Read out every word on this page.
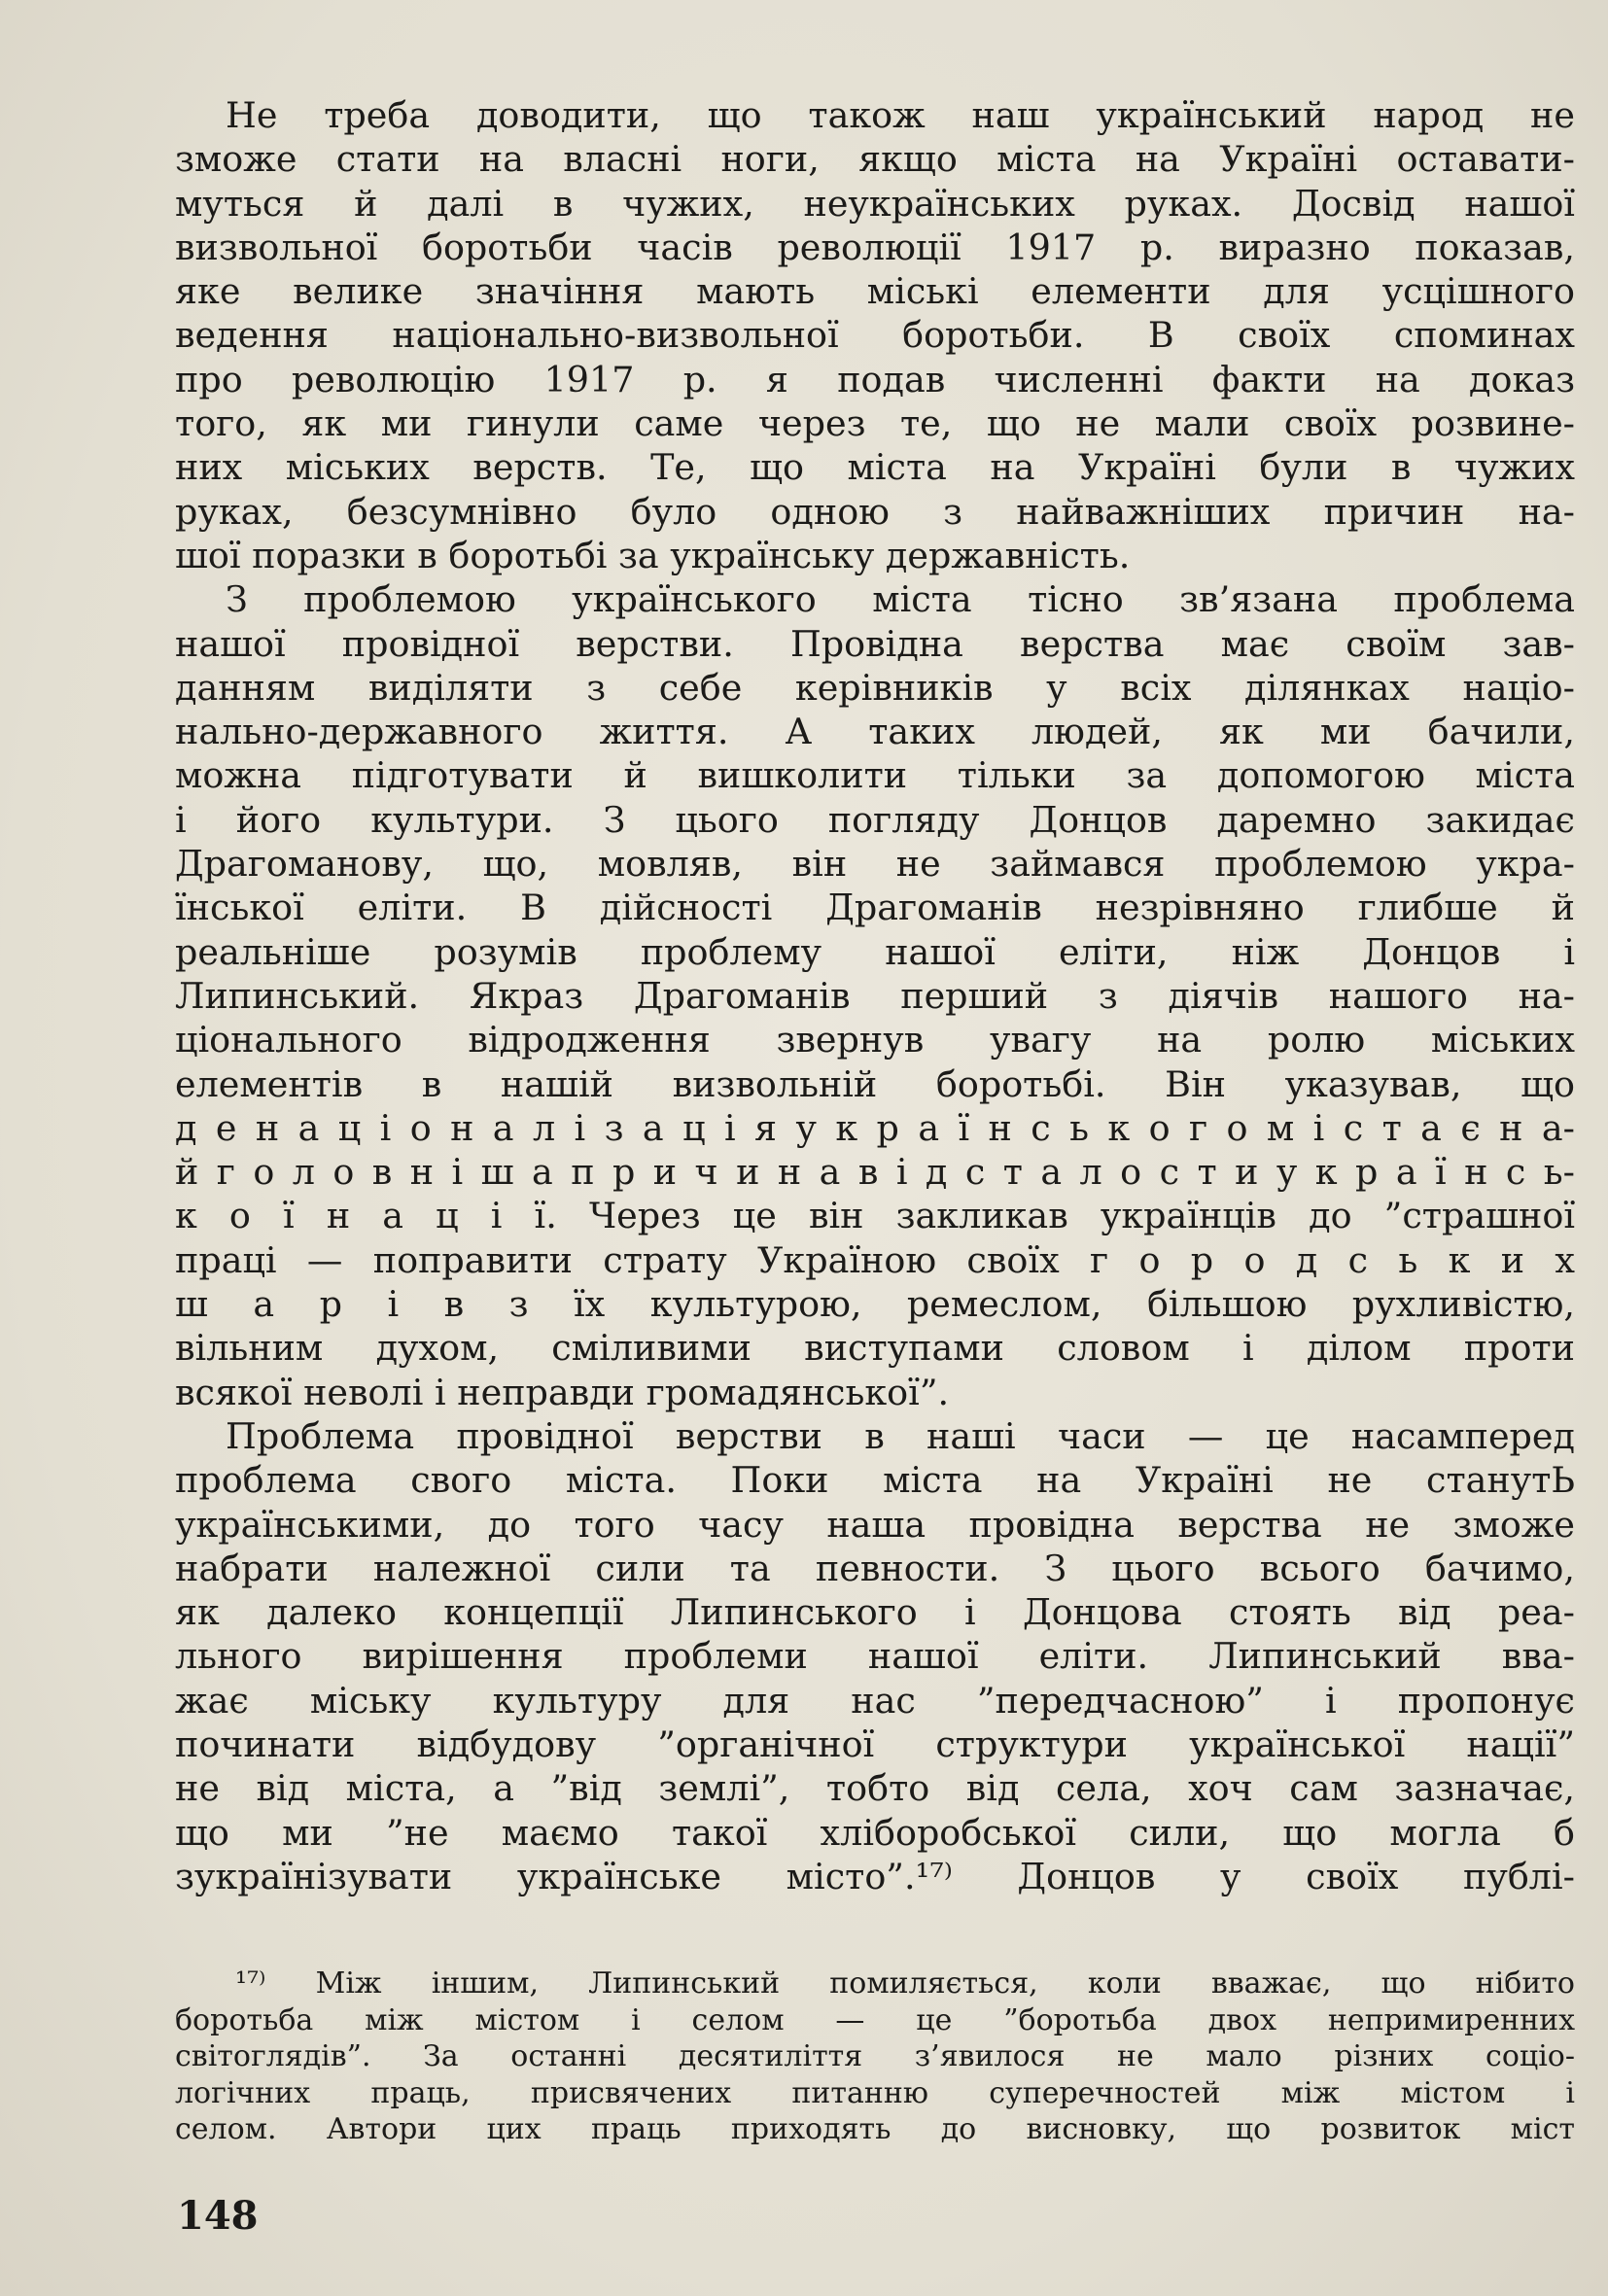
Не треба доводити, що також наш український народ не
зможе стати на власні ноги, якщо міста на Україні оставати-
муться й далі в чужих, неукраїнських руках. Досвід нашої
визвольної боротьби часів революції 1917 р. виразно показав,
яке велике значіння мають міські елементи для усцішного
ведення національно-визвольної боротьби. В своїх споминах
про революцію 1917 р. я подав численні факти на доказ
того, як ми гинули саме через те, що не мали своїх розвине-
них міських верств. Те, що міста на Україні були в чужих
руках, безсумнівно було одною з найважніших причин на-
шої поразки в боротьбі за українську державність.
З проблемою українського міста тісно зв’язана проблема
нашої провідної верстви. Провідна верства має своїм зав-
данням виділяти з себе керівників у всіх ділянках націо-
нально-державного життя. А таких людей, як ми бачили,
можна підготувати й вишколити тільки за допомогою міста
і його культури. З цього погляду Донцов даремно закидає
Драгоманову, що, мовляв, він не займався проблемою укра-
їнської еліти. В дійсності Драгоманів незрівняно глибше й
реальніше розумів проблему нашої еліти, ніж Донцов і
Липинський. Якраз Драгоманів перший з діячів нашого на-
ціонального відродження звернув увагу на ролю міських
елементів в нашій визвольній боротьбі. Він указував, що
д е н а ц і о н а л і з а ц і я у к р а ї н с ь к о г о м і с т а є н а-
й г о л о в н і ш а п р и ч и н а в і д с т а л о с т и у к р а ї н с ь-
к о ї н а ц і ї. Через це він закликав українців до ”страшної
праці — поправити страту Україною своїх г о р о д с ь к и х
ш а р і в з їх культурою, ремеслом, більшою рухливістю,
вільним духом, сміливими виступами словом і ділом проти
всякої неволі і неправди громадянської”.
Проблема провідної верстви в наші часи — це насамперед
проблема свого міста. Поки міста на Україні не станутЬ
українськими, до того часу наша провідна верства не зможе
набрати належної сили та певности. З цього всього бачимо,
як далеко концепції Липинського і Донцова стоять від реа-
льного вирішення проблеми нашої еліти. Липинський вва-
жає міську культуру для нас ”передчасною” і пропонує
починати відбудову ”органічної структури української нації”
не від міста, а ”від землі”, тобто від села, хоч сам зазначає,
що ми ”не маємо такої хліборобської сили, що могла б
зукраїнізувати українське місто”.¹⁷⁾ Донцов у своїх публі-
¹⁷⁾ Між іншим, Липинський помиляється, коли вважає, що нібито
боротьба між містом і селом — це ”боротьба двох непримиренних
світоглядів”. За останні десятиліття з’явилося не мало різних соціо-
логічних праць, присвячених питанню суперечностей між містом і
селом. Автори цих праць приходять до висновку, що розвиток міст
148
